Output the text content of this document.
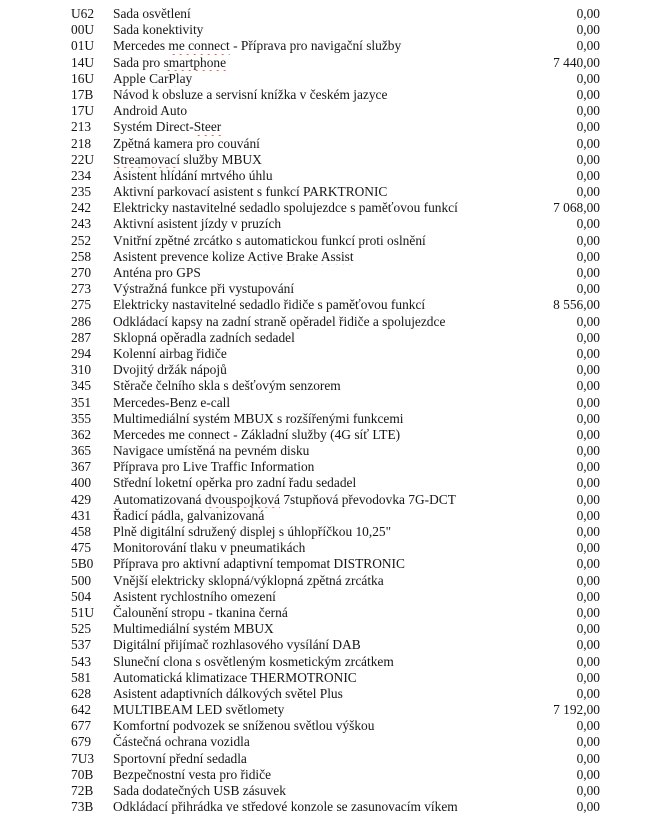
U62	Sada osvětlení	0,00
00U	Sada konektivity	0,00
01U	Mercedes me connect - Příprava pro navigační služby	0,00
14U	Sada pro smartphone	7 440,00
16U	Apple CarPlay	0,00
17B	Návod k obsluze a servisní knížka v českém jazyce	0,00
17U	Android Auto	0,00
213	Systém Direct-Steer	0,00
218	Zpětná kamera pro couvání	0,00
22U	Streamovací služby MBUX	0,00
234	Asistent hlídání mrtvého úhlu	0,00
235	Aktivní parkovací asistent s funkcí PARKTRONIC	0,00
242	Elektricky nastavitelné sedadlo spolujezdce s paměťovou funkcí	7 068,00
243	Aktivní asistent jízdy v pruzích	0,00
252	Vnitřní zpětné zrcátko s automatickou funkcí proti oslnění	0,00
258	Asistent prevence kolize Active Brake Assist	0,00
270	Anténa pro GPS	0,00
273	Výstražná funkce při vystupování	0,00
275	Elektricky nastavitelné sedadlo řidiče s paměťovou funkcí	8 556,00
286	Odkládací kapsy na zadní straně opěradel řidiče a spolujezdce	0,00
287	Sklopná opěradla zadních sedadel	0,00
294	Kolenní airbag řidiče	0,00
310	Dvojitý držák nápojů	0,00
345	Stěrače čelního skla s dešťovým senzorem	0,00
351	Mercedes-Benz e-call	0,00
355	Multimediální systém MBUX s rozšířenými funkcemi	0,00
362	Mercedes me connect - Základní služby (4G síť LTE)	0,00
365	Navigace umístěná na pevném disku	0,00
367	Příprava pro Live Traffic Information	0,00
400	Střední loketní opěrka pro zadní řadu sedadel	0,00
429	Automatizovaná dvouspojková 7stupňová převodovka 7G-DCT	0,00
431	Řadicí pádla, galvanizovaná	0,00
458	Plně digitální sdružený displej s úhlopříčkou 10,25"	0,00
475	Monitorování tlaku v pneumatikách	0,00
5B0	Příprava pro aktivní adaptivní tempomat DISTRONIC	0,00
500	Vnější elektricky sklopná/výklopná zpětná zrcátka	0,00
504	Asistent rychlostního omezení	0,00
51U	Čalounění stropu - tkanina černá	0,00
525	Multimediální systém MBUX	0,00
537	Digitální přijímač rozhlasového vysílání DAB	0,00
543	Sluneční clona s osvětleným kosmetickým zrcátkem	0,00
581	Automatická klimatizace THERMOTRONIC	0,00
628	Asistent adaptivních dálkových světel Plus	0,00
642	MULTIBEAM LED světlomety	7 192,00
677	Komfortní podvozek se sníženou světlou výškou	0,00
679	Částečná ochrana vozidla	0,00
7U3	Sportovní přední sedadla	0,00
70B	Bezpečnostní vesta pro řidiče	0,00
72B	Sada dodatečných USB zásuvek	0,00
73B	Odkládací přihrádka ve středové konzole se zasunovacím víkem	0,00
